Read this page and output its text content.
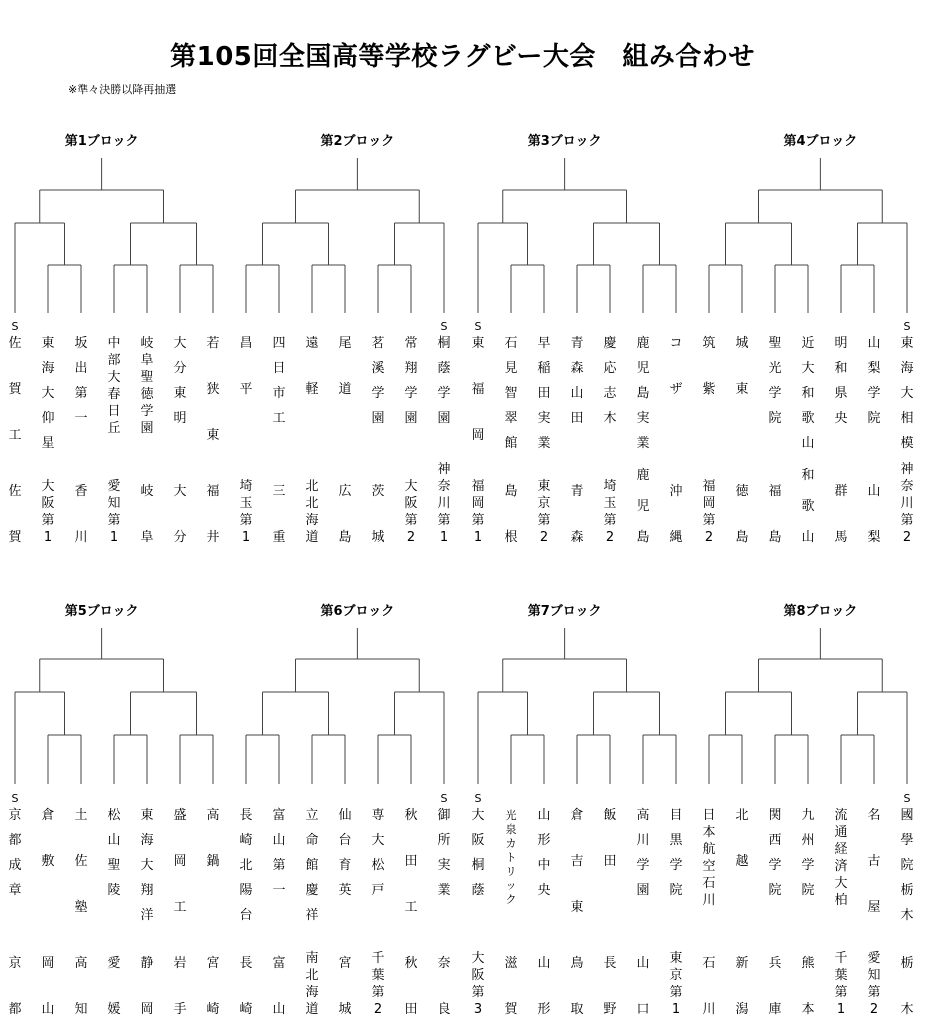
第105回全国高等学校ラグビー大会　組み合わせ
※準々決勝以降再抽選
第1ブロック
S
佐
賀
工
佐
賀
東
海
大
仰
星
大
阪
第
1
坂
出
第
一
香
川
中
部
大
春
日
丘
愛
知
第
1
岐
阜
聖
徳
学
園
岐
阜
大
分
東
明
大
分
若
狭
東
福
井
第2ブロック
昌
平
埼
玉
第
1
四
日
市
工
三
重
遠
軽
北
北
海
道
尾
道
広
島
茗
溪
学
園
茨
城
常
翔
学
園
大
阪
第
2
S
桐
蔭
学
園
神
奈
川
第
1
第3ブロック
S
東
福
岡
福
岡
第
1
石
見
智
翠
館
島
根
早
稲
田
実
業
東
京
第
2
青
森
山
田
青
森
慶
応
志
木
埼
玉
第
2
鹿
児
島
実
業
鹿
児
島
コ
ザ
沖
縄
第4ブロック
筑
紫
福
岡
第
2
城
東
徳
島
聖
光
学
院
福
島
近
大
和
歌
山
和
歌
山
明
和
県
央
群
馬
山
梨
学
院
山
梨
S
東
海
大
相
模
神
奈
川
第
2
第5ブロック
S
京
都
成
章
京
都
倉
敷
岡
山
土
佐
塾
高
知
松
山
聖
陵
愛
媛
東
海
大
翔
洋
静
岡
盛
岡
工
岩
手
高
鍋
宮
崎
第6ブロック
長
崎
北
陽
台
長
崎
富
山
第
一
富
山
立
命
館
慶
祥
南
北
海
道
仙
台
育
英
宮
城
専
大
松
戸
千
葉
第
2
秋
田
工
秋
田
S
御
所
実
業
奈
良
第7ブロック
S
大
阪
桐
蔭
大
阪
第
3
光
泉
カ
ト
リ
ッ
ク
滋
賀
山
形
中
央
山
形
倉
吉
東
鳥
取
飯
田
長
野
高
川
学
園
山
口
目
黒
学
院
東
京
第
1
第8ブロック
日
本
航
空
石
川
石
川
北
越
新
潟
関
西
学
院
兵
庫
九
州
学
院
熊
本
流
通
経
済
大
柏
千
葉
第
1
名
古
屋
愛
知
第
2
S
國
學
院
栃
木
栃
木
